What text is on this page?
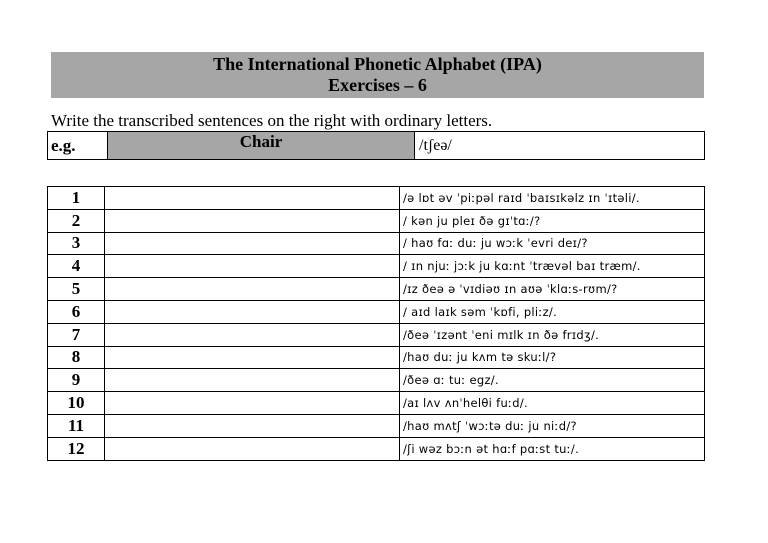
The International Phonetic Alphabet (IPA)
Exercises – 6
Write the transcribed sentences on the right with ordinary letters.
e.g.	Chair	/tʃeə/
1		/ə lɒt əv ˈpiːpəl raɪd ˈbaɪsɪkəlz ɪn ˈɪtəli/.
2		/ kən ju pleɪ ðə gɪˈtɑː/?
3		/ haʊ fɑː duː ju wɔːk ˈevri deɪ/?
4		/ ɪn njuː jɔːk ju kɑːnt ˈtrævəl baɪ træm/.
5		/ɪz ðeə ə ˈvɪdiəʊ ɪn aʊə ˈklɑːs-rʊm/?
6		/ aɪd laɪk səm ˈkɒfi, pliːz/.
7		/ðeə ˈɪzənt ˈeni mɪlk ɪn ðə frɪdʒ/.
8		/haʊ duː ju kʌm tə skuːl/?
9		/ðeə ɑː tuː egz/.
10		/aɪ lʌv ʌnˈhelθi fuːd/.
11		/haʊ mʌtʃ ˈwɔːtə duː ju niːd/?
12		/ʃi wəz bɔːn ət hɑːf pɑːst tuː/.
